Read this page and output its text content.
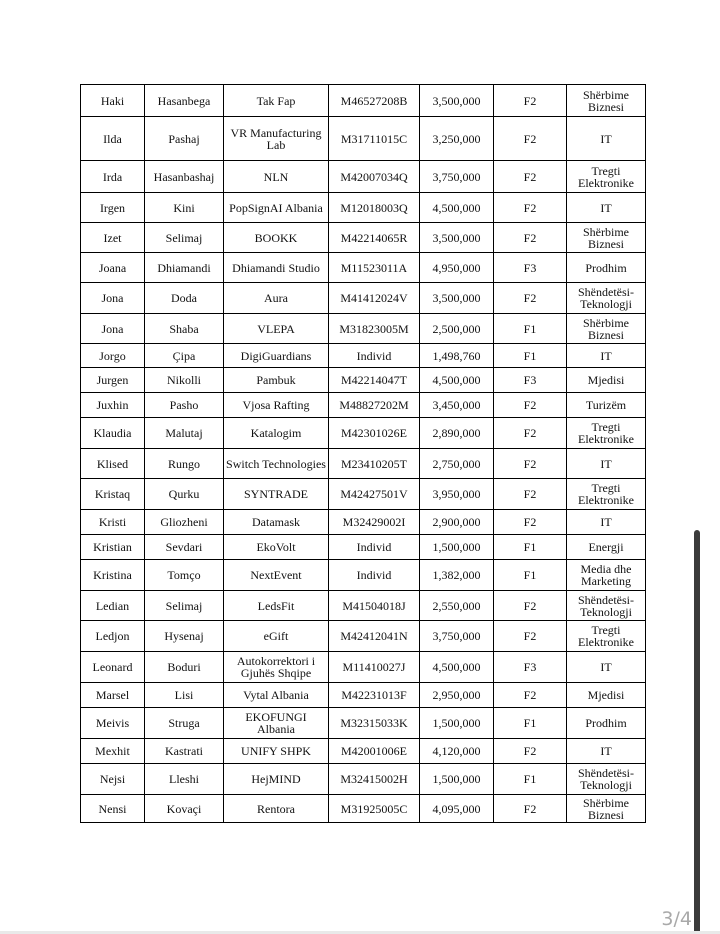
Haki	Hasanbega	Tak Fap	M46527208B	3,500,000	F2	Shërbime Biznesi
Ilda	Pashaj	VR Manufacturing Lab	M31711015C	3,250,000	F2	IT
Irda	Hasanbashaj	NLN	M42007034Q	3,750,000	F2	Tregti Elektronike
Irgen	Kini	PopSignAI Albania	M12018003Q	4,500,000	F2	IT
Izet	Selimaj	BOOKK	M42214065R	3,500,000	F2	Shërbime Biznesi
Joana	Dhiamandi	Dhiamandi Studio	M11523011A	4,950,000	F3	Prodhim
Jona	Doda	Aura	M41412024V	3,500,000	F2	Shëndetësi-Teknologji
Jona	Shaba	VLEPA	M31823005M	2,500,000	F1	Shërbime Biznesi
Jorgo	Çipa	DigiGuardians	Individ	1,498,760	F1	IT
Jurgen	Nikolli	Pambuk	M42214047T	4,500,000	F3	Mjedisi
Juxhin	Pasho	Vjosa Rafting	M48827202M	3,450,000	F2	Turizëm
Klaudia	Malutaj	Katalogim	M42301026E	2,890,000	F2	Tregti Elektronike
Klised	Rungo	Switch Technologies	M23410205T	2,750,000	F2	IT
Kristaq	Qurku	SYNTRADE	M42427501V	3,950,000	F2	Tregti Elektronike
Kristi	Gliozheni	Datamask	M32429002I	2,900,000	F2	IT
Kristian	Sevdari	EkoVolt	Individ	1,500,000	F1	Energji
Kristina	Tomço	NextEvent	Individ	1,382,000	F1	Media dhe Marketing
Ledian	Selimaj	LedsFit	M41504018J	2,550,000	F2	Shëndetësi-Teknologji
Ledjon	Hysenaj	eGift	M42412041N	3,750,000	F2	Tregti Elektronike
Leonard	Boduri	Autokorrektori i Gjuhës Shqipe	M11410027J	4,500,000	F3	IT
Marsel	Lisi	Vytal Albania	M42231013F	2,950,000	F2	Mjedisi
Meivis	Struga	EKOFUNGI Albania	M32315033K	1,500,000	F1	Prodhim
Mexhit	Kastrati	UNIFY SHPK	M42001006E	4,120,000	F2	IT
Nejsi	Lleshi	HejMIND	M32415002H	1,500,000	F1	Shëndetësi-Teknologji
Nensi	Kovaçi	Rentora	M31925005C	4,095,000	F2	Shërbime Biznesi
3/4
